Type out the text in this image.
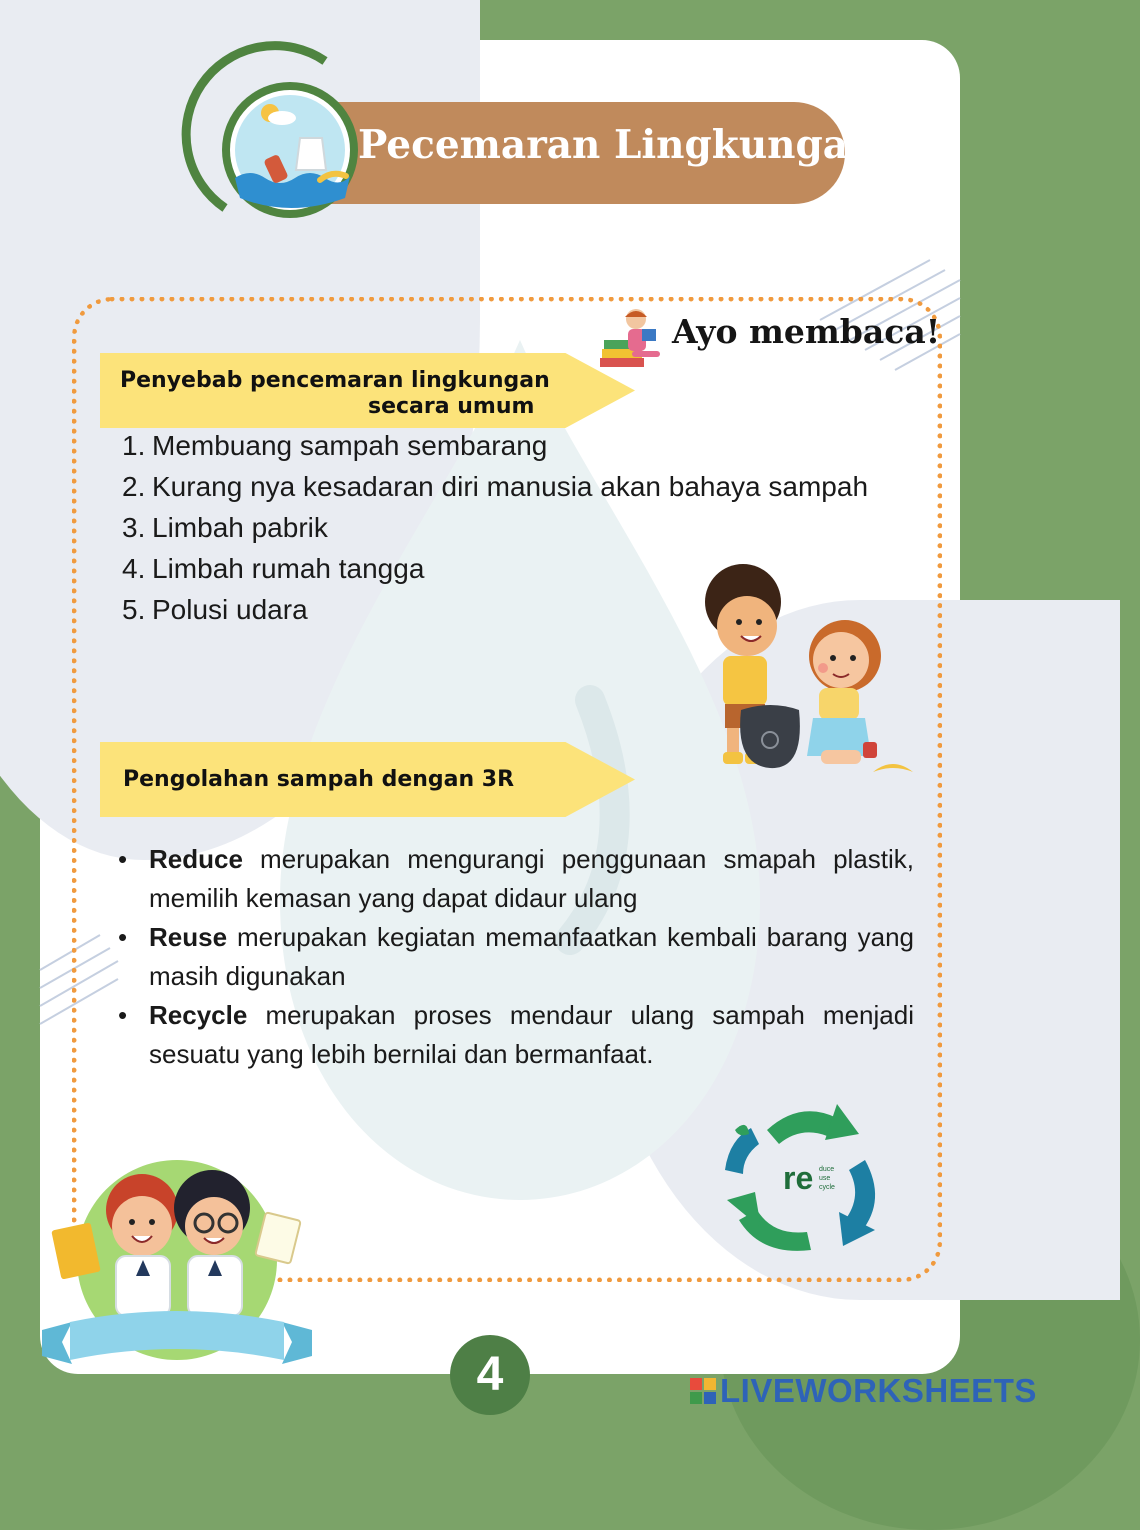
Pecemaran Lingkungan
Ayo membaca!
Penyebab pencemaran lingkungan
secara umum
1. Membuang sampah sembarang
2. Kurang nya kesadaran diri manusia akan bahaya sampah
3. Limbah pabrik
4. Limbah rumah tangga
5. Polusi udara
Pengolahan sampah dengan 3R
• Reduce merupakan mengurangi penggunaan smapah plastik, memilih kemasan yang dapat didaur ulang
• Reuse merupakan kegiatan memanfaatkan kembali barang yang masih digunakan
• Recycle merupakan proses mendaur ulang sampah menjadi sesuatu yang lebih bernilai dan bermanfaat.
re duce
use
cycle
4	LIVEWORKSHEETS
